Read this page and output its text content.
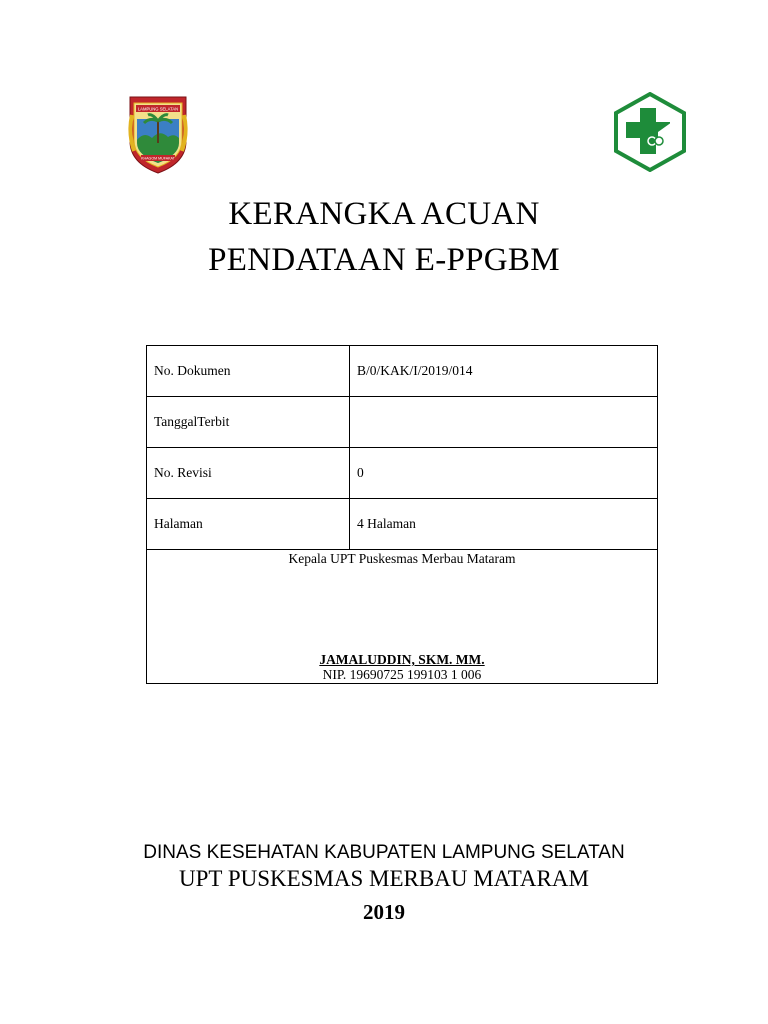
LAMPUNG SELATAN
KHAGOM MUFAKAT
KERANGKA ACUAN
PENDATAAN E-PPGBM
No. Dokumen	B/0/KAK/I/2019/014
TanggalTerbit	
No. Revisi	0
Halaman	4 Halaman

Kepala UPT Puskesmas Merbau Mataram
JAMALUDDIN, SKM. MM.
NIP. 19690725 199103 1 006	
DINAS KESEHATAN KABUPATEN LAMPUNG SELATAN
UPT PUSKESMAS MERBAU MATARAM
2019
